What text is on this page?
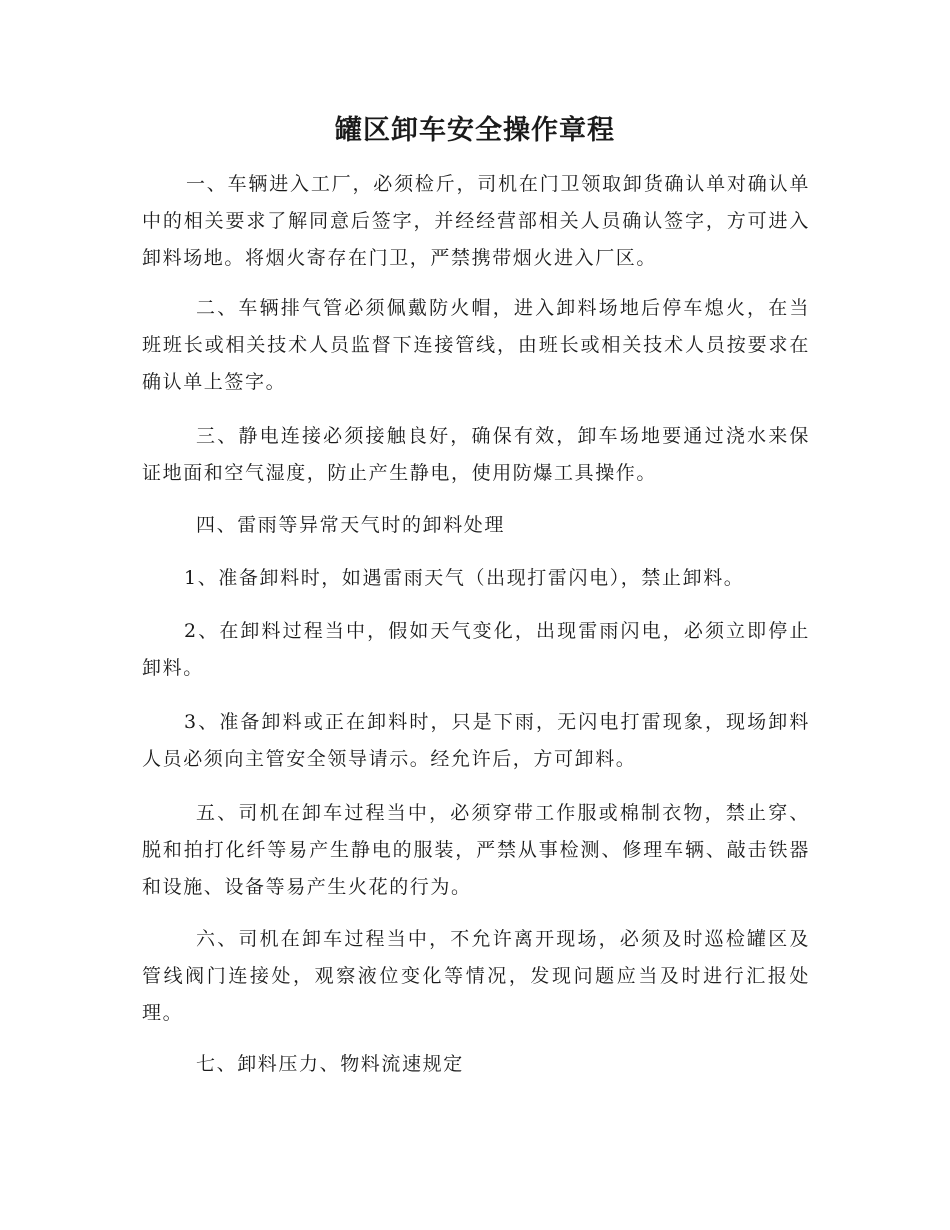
罐区卸车安全操作章程

一、车辆进入工厂，必须检斤，司机在门卫领取卸货确认单对确认单中的相关要求了解同意后签字，并经经营部相关人员确认签字，方可进入卸料场地。将烟火寄存在门卫，严禁携带烟火进入厂区。

二、车辆排气管必须佩戴防火帽，进入卸料场地后停车熄火，在当班班长或相关技术人员监督下连接管线，由班长或相关技术人员按要求在确认单上签字。

三、静电连接必须接触良好，确保有效，卸车场地要通过浇水来保证地面和空气湿度，防止产生静电，使用防爆工具操作。

四、雷雨等异常天气时的卸料处理

1、准备卸料时，如遇雷雨天气（出现打雷闪电），禁止卸料。

2、在卸料过程当中，假如天气变化，出现雷雨闪电，必须立即停止卸料。

3、准备卸料或正在卸料时，只是下雨，无闪电打雷现象，现场卸料人员必须向主管安全领导请示。经允许后，方可卸料。

五、司机在卸车过程当中，必须穿带工作服或棉制衣物，禁止穿、脱和拍打化纤等易产生静电的服装，严禁从事检测、修理车辆、敲击铁器和设施、设备等易产生火花的行为。

六、司机在卸车过程当中，不允许离开现场，必须及时巡检罐区及管线阀门连接处，观察液位变化等情况，发现问题应当及时进行汇报处理。

七、卸料压力、物料流速规定
